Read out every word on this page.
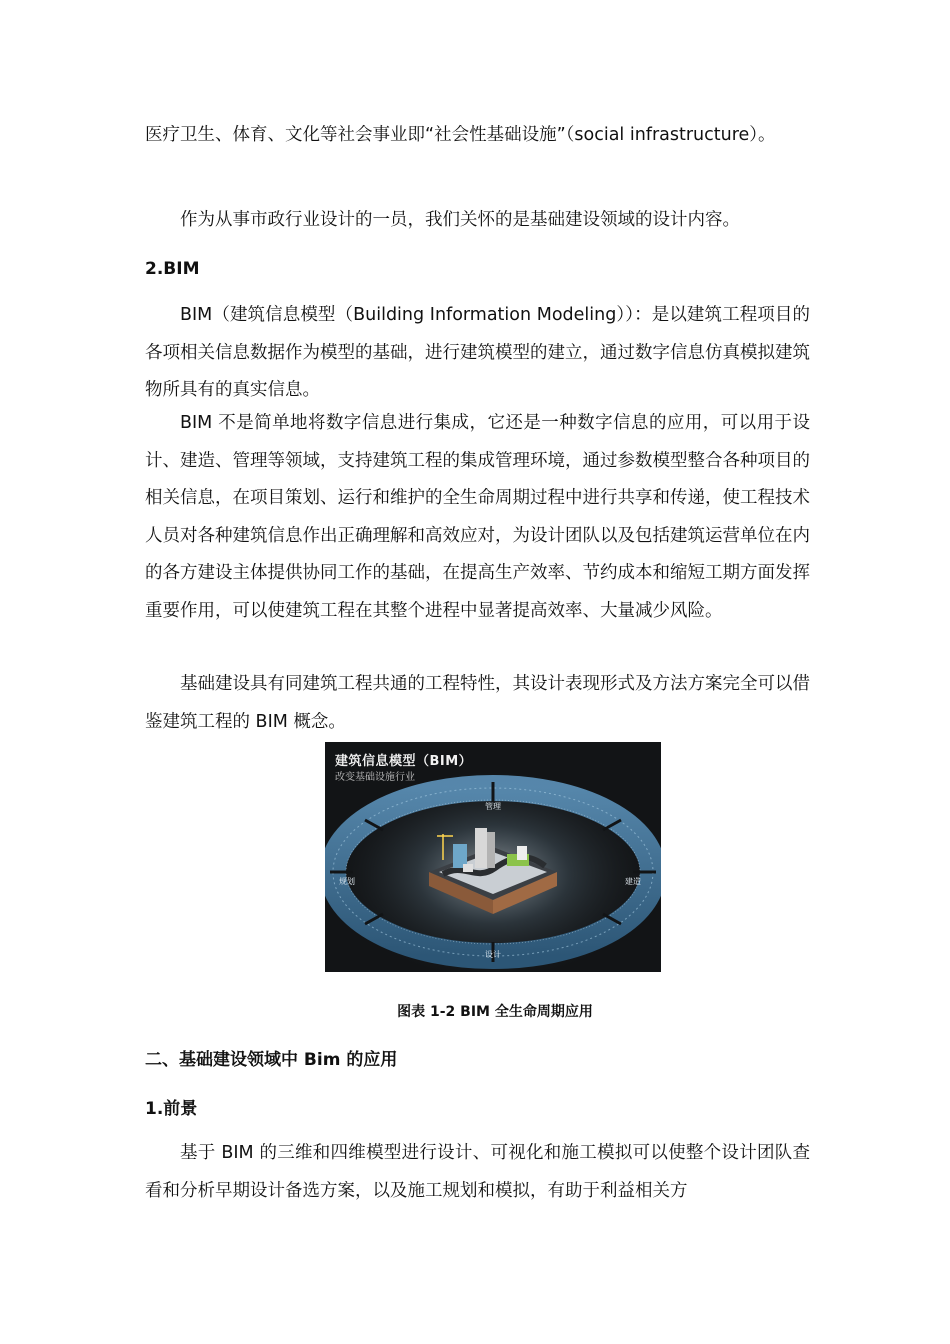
医疗卫生、体育、文化等社会事业即“社会性基础设施”（social infrastructure）。

作为从事市政行业设计的一员，我们关怀的是基础建设领域的设计内容。

2.BIM

BIM（建筑信息模型（Building Information Modeling））：是以建筑工程项目的各项相关信息数据作为模型的基础，进行建筑模型的建立，通过数字信息仿真模拟建筑物所具有的真实信息。

BIM 不是简单地将数字信息进行集成，它还是一种数字信息的应用，可以用于设计、建造、管理等领域，支持建筑工程的集成管理环境，通过参数模型整合各种项目的相关信息，在项目策划、运行和维护的全生命周期过程中进行共享和传递，使工程技术人员对各种建筑信息作出正确理解和高效应对，为设计团队以及包括建筑运营单位在内的各方建设主体提供协同工作的基础，在提高生产效率、节约成本和缩短工期方面发挥重要作用，可以使建筑工程在其整个进程中显著提高效率、大量减少风险。

基础建设具有同建筑工程共通的工程特性，其设计表现形式及方法方案完全可以借鉴建筑工程的 BIM 概念。

管理
规划	建造
设计
建筑信息模型（BIM）
改变基础设施行业
图表 1-2 BIM 全生命周期应用
二、基础建设领域中 Bim 的应用
1.前景

基于 BIM 的三维和四维模型进行设计、可视化和施工模拟可以使整个设计团队查看和分析早期设计备选方案，以及施工规划和模拟，有助于利益相关方
